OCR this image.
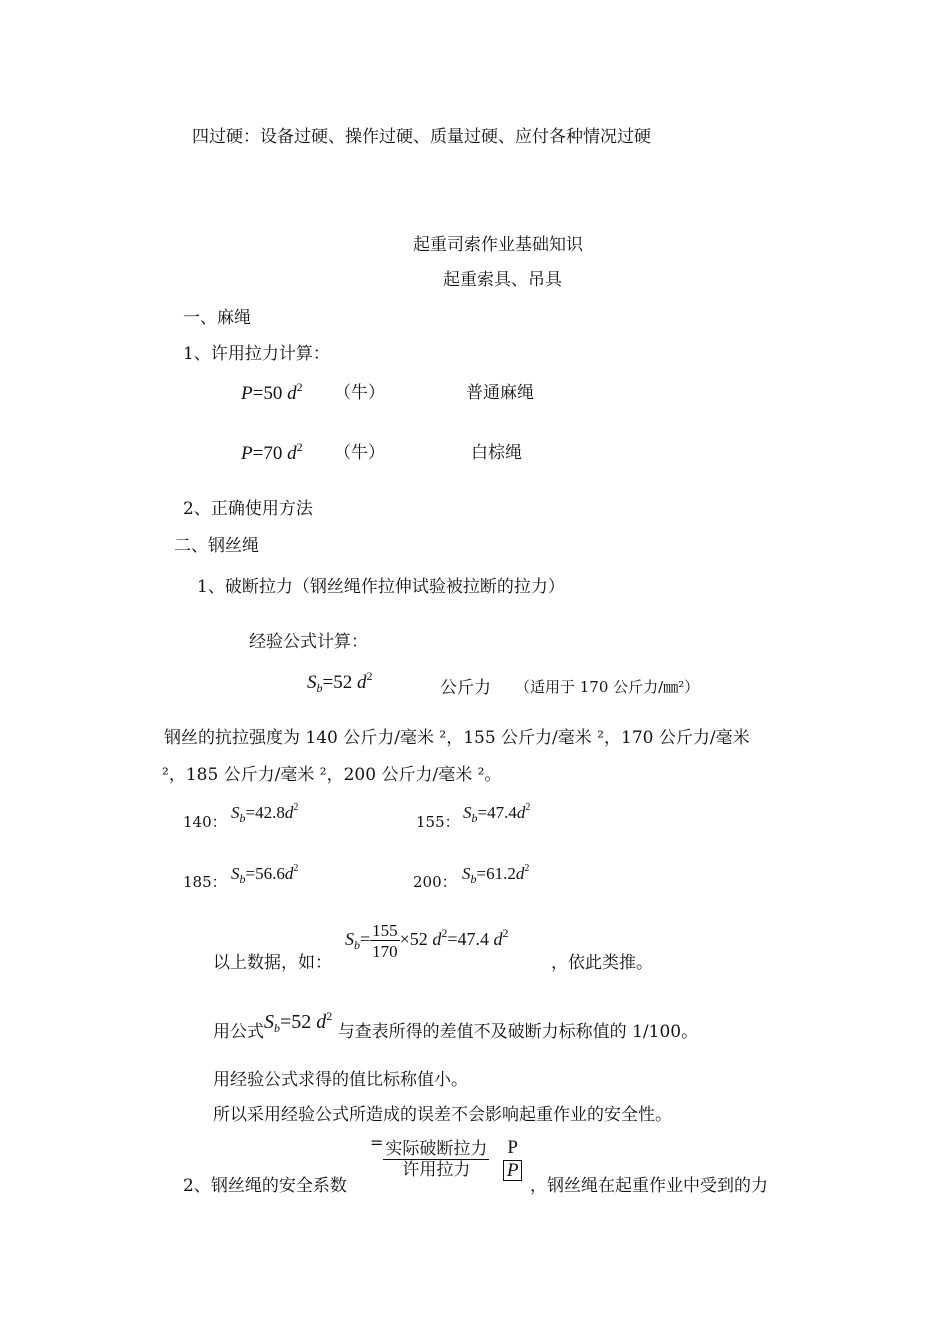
四过硬：设备过硬、操作过硬、质量过硬、应付各种情况过硬
起重司索作业基础知识
起重索具、吊具
一、麻绳
1、许用拉力计算：
P=50 $d^2$ （牛）	普通麻绳
P=70 $d^2$ （牛）	白棕绳
2、正确使用方法
二、钢丝绳
1、破断拉力（钢丝绳作拉伸试验被拉断的拉力）
经验公式计算：
$S_b=52$ $d^2$
公斤力 （适用于 170 公斤力/㎜²）
钢丝的抗拉强度为 140 公斤力/毫米 ²，155 公斤力/毫米 ²，170 公斤力/毫米
²，185 公斤力/毫米 ²，200 公斤力/毫米 ²。
140： $S_b=42.8d^2$
155： $S_b=47.4d^2$
185： $S_b=56.6d^2$
200： $S_b=61.2d^2$
以上数据，如：
$S_b= \frac{155}{170} \times 52$ $d^2=47.4$ $d^2$
，依此类推。
用公式$S_b=52$ $d^2$ 与查表所得的差值不及破断力标称值的 1/100。
用经验公式求得的值比标称值小。
所以采用经验公式所造成的误差不会影响起重作业的安全性。
2、钢丝绳的安全系数
= $\frac{\text{实际破断拉力}}{\text{许用拉力}}$
P
P
，钢丝绳在起重作业中受到的力
